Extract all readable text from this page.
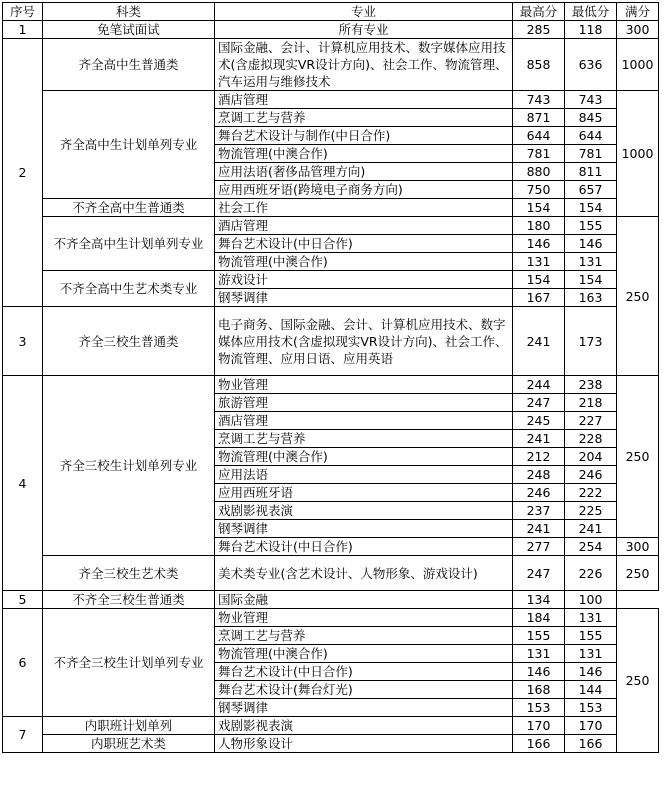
序号	科类	专业	最高分	最低分	满分	
1	免笔试面试	所有专业	285	118	300	
2	齐全高中生普通类	国际金融、会计、计算机应用技术、数字媒体应用技术(含虚拟现实VR设计方向)、社会工作、物流管理、汽车运用与维修技术	858	636	1000	
	齐全高中生计划单列专业	酒店管理	743	743	1000	
		烹调工艺与营养	871	845		
		舞台艺术设计与制作(中日合作)	644	644		
		物流管理(中澳合作)	781	781		
		应用法语(奢侈品管理方向)	880	811		
		应用西班牙语(跨境电子商务方向)	750	657		
	不齐全高中生普通类	社会工作	154	154		
	不齐全高中生计划单列专业	酒店管理	180	155	250	
		舞台艺术设计(中日合作)	146	146		
		物流管理(中澳合作)	131	131		
	不齐全高中生艺术类专业	游戏设计	154	154		
		钢琴调律	167	163		
3	齐全三校生普通类	电子商务、国际金融、会计、计算机应用技术、数字媒体应用技术(含虚拟现实VR设计方向)、社会工作、物流管理、应用日语、应用英语	241	173	
4	齐全三校生计划单列专业	物业管理	244	238	250	
		旅游管理	247	218		
		酒店管理	245	227		
		烹调工艺与营养	241	228		
		物流管理(中澳合作)	212	204		
		应用法语	248	246		
		应用西班牙语	246	222		
		戏剧影视表演	237	225		
		钢琴调律	241	241		
		舞台艺术设计(中日合作)	277	254	300	
	齐全三校生艺术类	美术类专业(含艺术设计、人物形象、游戏设计)	247	226	250	
5	不齐全三校生普通类	国际金融	134	100		
6	不齐全三校生计划单列专业	物业管理	184	131	250	
		烹调工艺与营养	155	155		
		物流管理(中澳合作)	131	131		
		舞台艺术设计(中日合作)	146	146		
		舞台艺术设计(舞台灯光)	168	144		
		钢琴调律	153	153		
7	内职班计划单列	戏剧影视表演	170	170	
	内职班艺术类	人物形象设计	166	166		
